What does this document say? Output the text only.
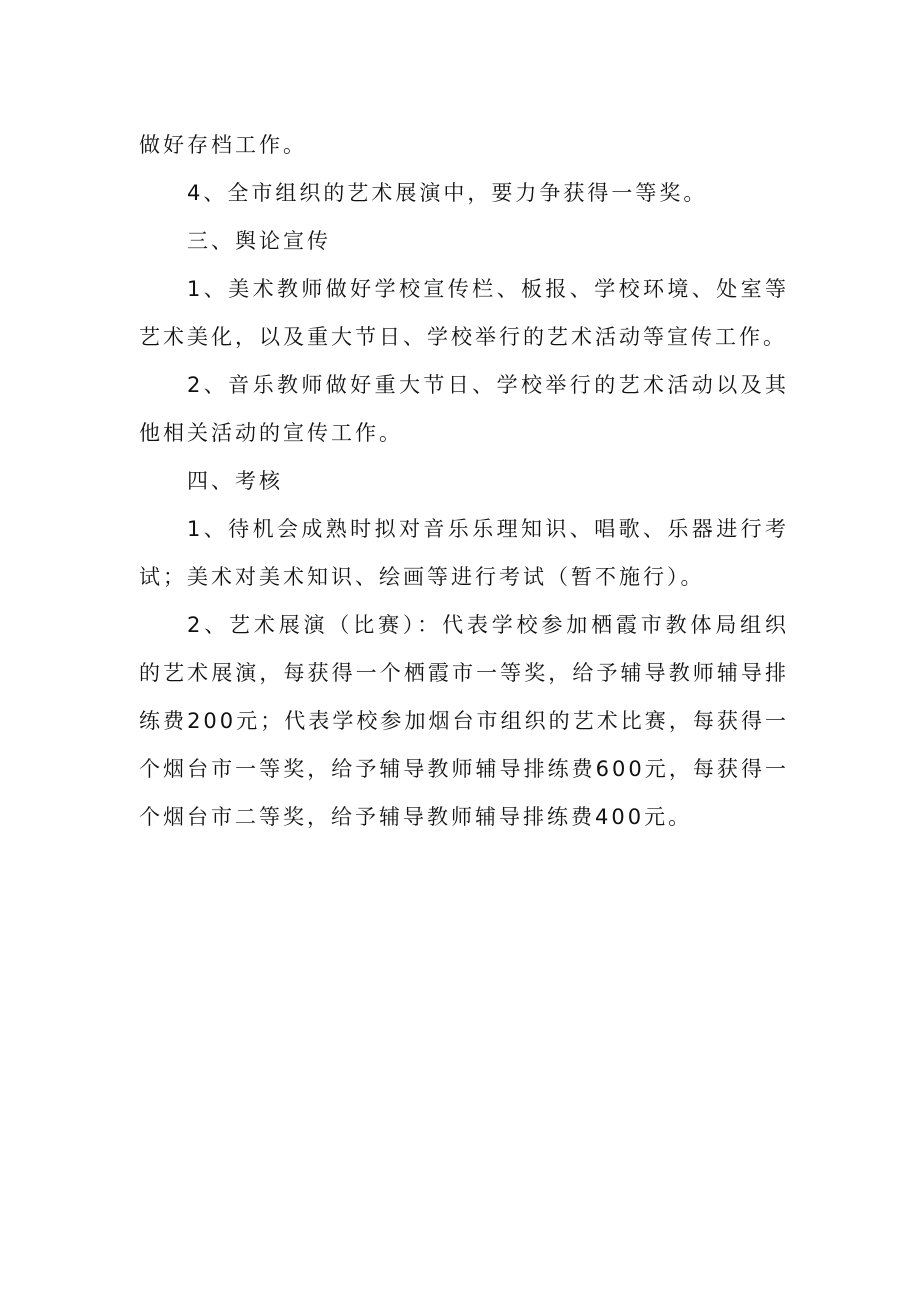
做好存档工作。

4、全市组织的艺术展演中，要力争获得一等奖。

三、舆论宣传

1、美术教师做好学校宣传栏、板报、学校环境、处室等艺术美化，以及重大节日、学校举行的艺术活动等宣传工作。

2、音乐教师做好重大节日、学校举行的艺术活动以及其他相关活动的宣传工作。

四、考核

1、待机会成熟时拟对音乐乐理知识、唱歌、乐器进行考试；美术对美术知识、绘画等进行考试（暂不施行）。

2、艺术展演（比赛）：代表学校参加栖霞市教体局组织的艺术展演，每获得一个栖霞市一等奖，给予辅导教师辅导排练费200元；代表学校参加烟台市组织的艺术比赛，每获得一个烟台市一等奖，给予辅导教师辅导排练费600元，每获得一个烟台市二等奖，给予辅导教师辅导排练费400元。
